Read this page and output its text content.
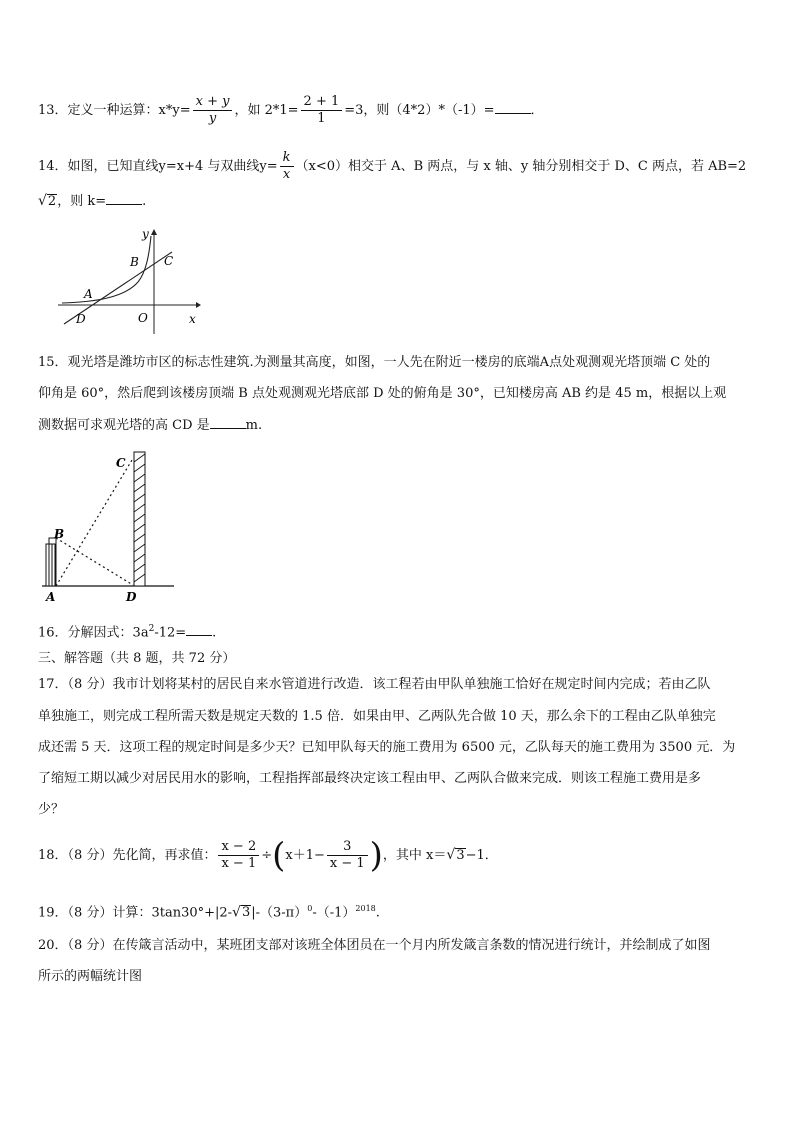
13．定义一种运算：$x*y= \frac{x + y}{y}$ ，如 $2*1= \frac{2 + 1}{1} =3$，则（4*2）*（-1）=	．
14．如图，已知直线y=x+4 与双曲线$y= \frac{k}{x} (x<0)$相交于 A、B 两点，与 x 轴、y 轴分别相交于 D、C 两点，若 AB=2
√2，则 k=	.
y
B C
A
D	O	x
15．观光塔是潍坊市区的标志性建筑.为测量其高度，如图，一人先在附近一楼房的底端A点处观测观光塔顶端 C 处的
仰角是 60°，然后爬到该楼房顶端 B 点处观测观光塔底部 D 处的俯角是 30°，已知楼房高 AB 约是 45 m，根据以上观
测数据可求观光塔的高 CD 是	m.
C
B
A	D
16．分解因式：$3a^2-12=$ .
三、解答题（共 8 题，共 72 分）
17．（8 分）我市计划将某村的居民自来水管道进行改造．该工程若由甲队单独施工恰好在规定时间内完成；若由乙队
单独施工，则完成工程所需天数是规定天数的 1.5 倍．如果由甲、乙两队先合做 10 天，那么余下的工程由乙队单独完
成还需 5 天．这项工程的规定时间是多少天？已知甲队每天的施工费用为 6500 元，乙队每天的施工费用为 3500 元．为
了缩短工期以减少对居民用水的影响，工程指挥部最终决定该工程由甲、乙两队合做来完成．则该工程施工费用是多
少？
18．（8 分）先化简，再求值： $\frac{x - 2}{x - 1} \div(x+1- \frac{3}{x - 1}$ )，其中 x＝√3−1．
19．（8 分）计算：$3\tan 30^\circ+|2-√3|-(3-\pi)^0-(-1)^{2018}$.
20．（8 分）在传箴言活动中，某班团支部对该班全体团员在一个月内所发箴言条数的情况进行统计，并绘制成了如图
所示的两幅统计图
